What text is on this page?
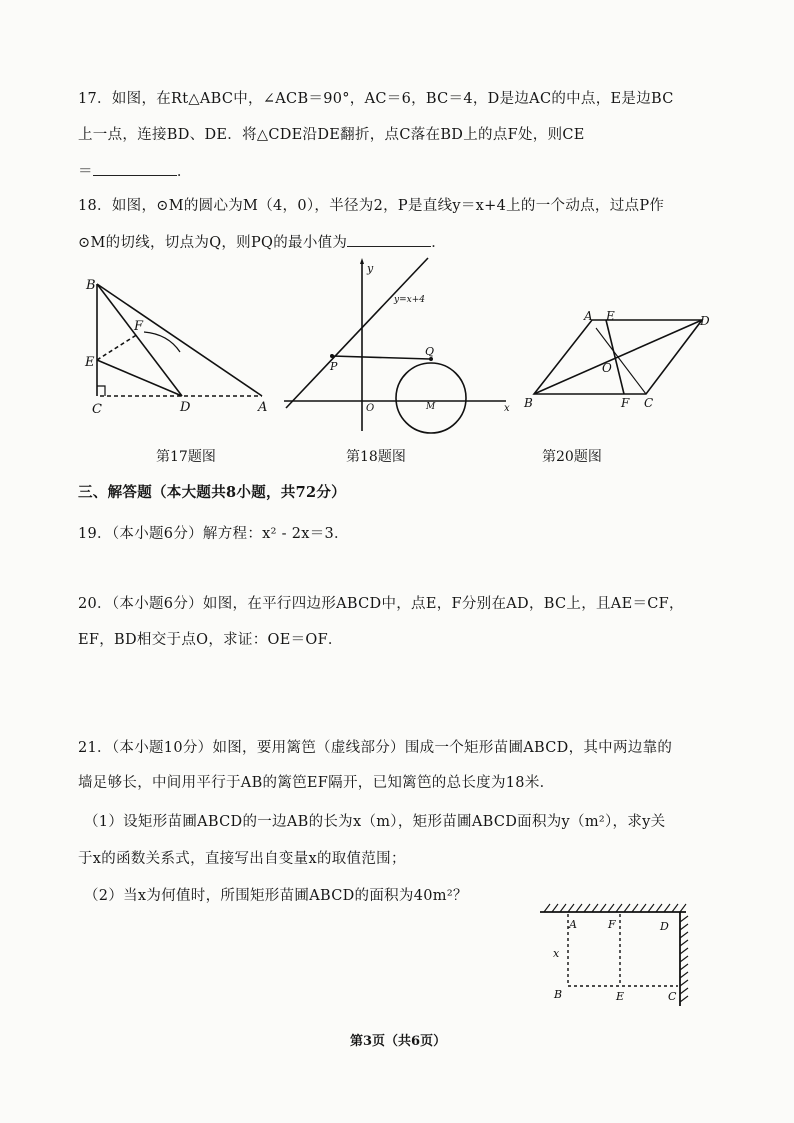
17．如图，在Rt△ABC中，∠ACB＝90°，AC＝6，BC＝4，D是边AC的中点，E是边BC
上一点，连接BD、DE．将△CDE沿DE翻折，点C落在BD上的点F处，则CE
＝	．
18．如图，⊙M的圆心为M（4，0），半径为2，P是直线y＝x+4上的一个动点，过点P作
⊙M的切线，切点为Q，则PQ的最小值为	．
B
E
F
C	D	A
第17题图
y
y=x+4
P
Q
O	M	x
第18题图
A E	D
O
B	F C
第20题图
三、解答题（本大题共8小题，共72分）
19．（本小题6分）解方程：x² - 2x＝3．
20．（本小题6分）如图，在平行四边形ABCD中，点E，F分别在AD，BC上，且AE＝CF，
EF，BD相交于点O，求证：OE＝OF．
21．（本小题10分）如图，要用篱笆（虚线部分）围成一个矩形苗圃ABCD，其中两边靠的
墙足够长，中间用平行于AB的篱笆EF隔开，已知篱笆的总长度为18米．
（1）设矩形苗圃ABCD的一边AB的长为x（m），矩形苗圃ABCD面积为y（m²），求y关
于x的函数关系式，直接写出自变量x的取值范围；
（2）当x为何值时，所围矩形苗圃ABCD的面积为40m²？
A	F	D
x
B	E	C
第3页（共6页）
